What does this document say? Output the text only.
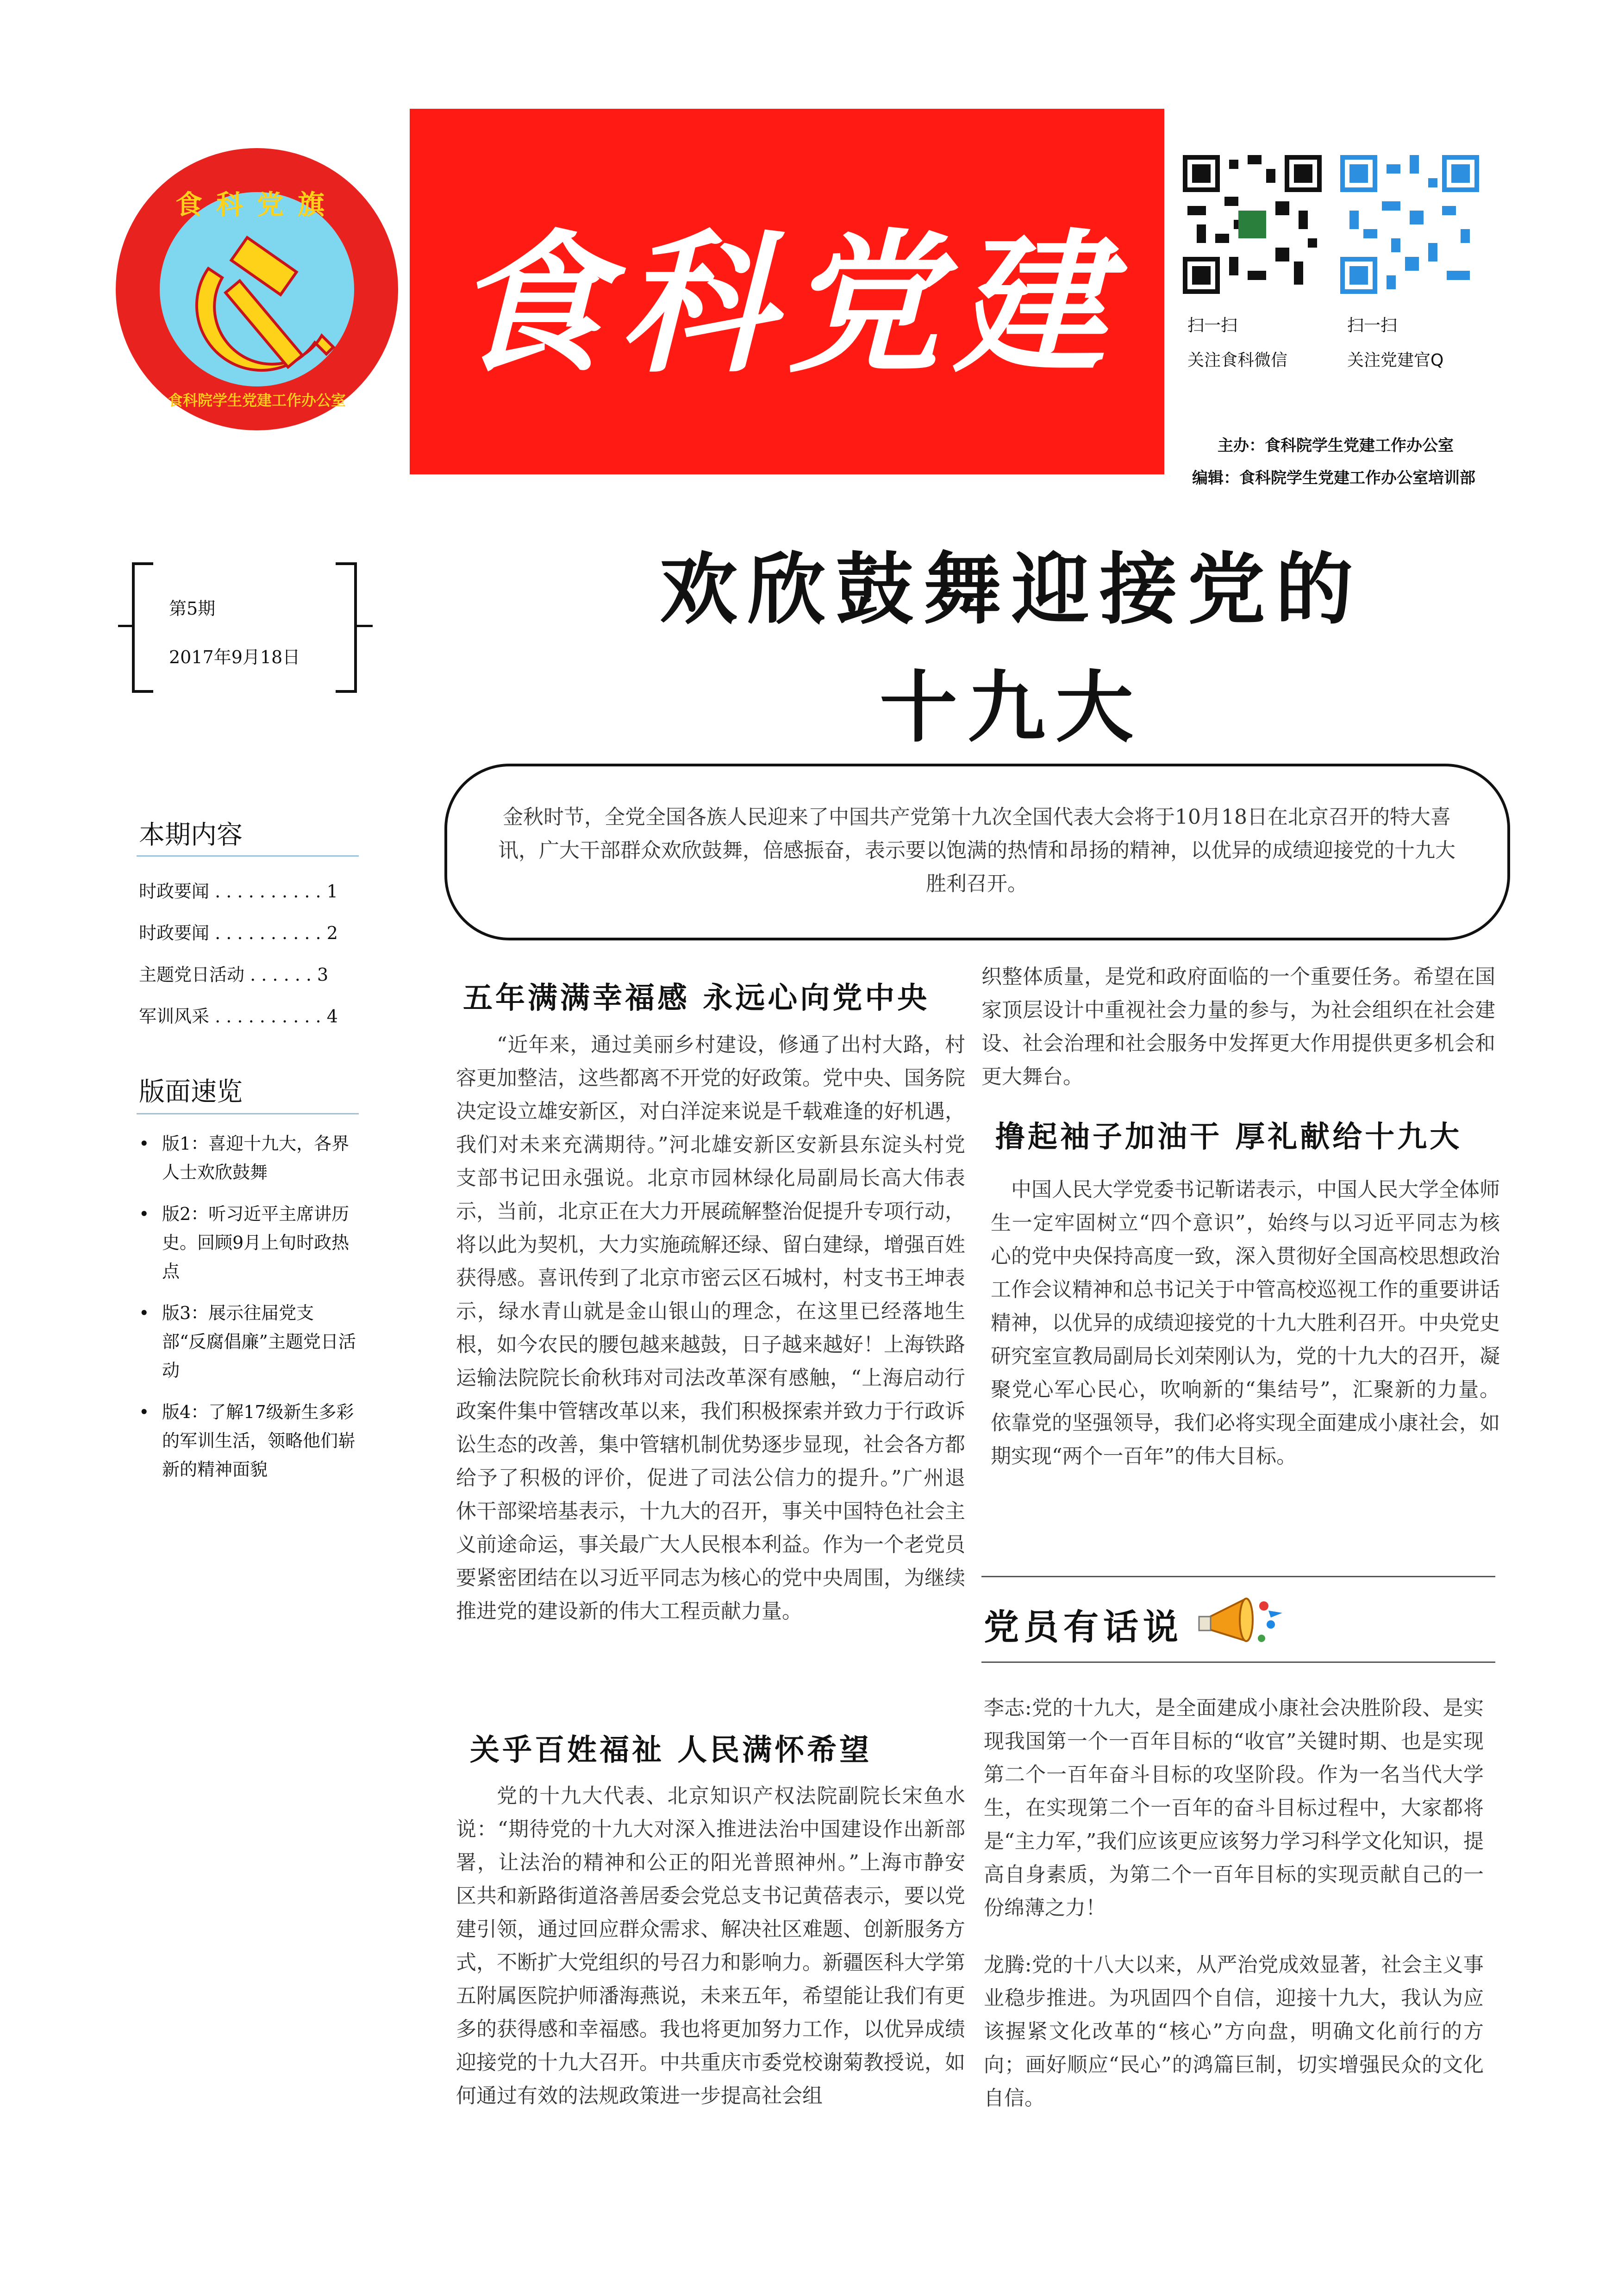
食科党旗
食科院学生党建工作办公室
食科党建	扫一扫
关注食科微信
扫一扫
关注党建官Q
主办：食科院学生党建工作办公室
编辑：食科院学生党建工作办公室培训部
第5期
2017年9月18日
欢欣鼓舞迎接党的
十九大
金秋时节，全党全国各族人民迎来了中国共产党第十九次全国代表大会将于10月18日在北京召开的特大喜讯，广大干部群众欢欣鼓舞，倍感振奋，表示要以饱满的热情和昂扬的精神，以优异的成绩迎接党的十九大胜利召开。
本期内容
时政要闻 . . . . . . . . . . 1
时政要闻 . . . . . . . . . . 2
主题党日活动 . . . . . . 3
军训风采 . . . . . . . . . . 4
版面速览
• 版1：喜迎十九大，各界人士欢欣鼓舞
• 版2：听习近平主席讲历史。回顾9月上旬时政热点
• 版3：展示往届党支部“反腐倡廉”主题党日活动
• 版4：了解17级新生多彩的军训生活，领略他们崭新的精神面貌
五年满满幸福感 永远心向党中央
“近年来，通过美丽乡村建设，修通了出村大路，村容更加整洁，这些都离不开党的好政策。党中央、国务院决定设立雄安新区，对白洋淀来说是千载难逢的好机遇，我们对未来充满期待。”河北雄安新区安新县东淀头村党支部书记田永强说。北京市园林绿化局副局长高大伟表示，当前，北京正在大力开展疏解整治促提升专项行动，将以此为契机，大力实施疏解还绿、留白建绿，增强百姓获得感。喜讯传到了北京市密云区石城村，村支书王坤表示，绿水青山就是金山银山的理念，在这里已经落地生根，如今农民的腰包越来越鼓，日子越来越好！上海铁路运输法院院长俞秋玮对司法改革深有感触，“上海启动行政案件集中管辖改革以来，我们积极探索并致力于行政诉讼生态的改善，集中管辖机制优势逐步显现，社会各方都给予了积极的评价，促进了司法公信力的提升。”广州退休干部梁培基表示，十九大的召开，事关中国特色社会主义前途命运，事关最广大人民根本利益。作为一个老党员要紧密团结在以习近平同志为核心的党中央周围，为继续推进党的建设新的伟大工程贡献力量。
关乎百姓福祉 人民满怀希望
党的十九大代表、北京知识产权法院副院长宋鱼水说：“期待党的十九大对深入推进法治中国建设作出新部署，让法治的精神和公正的阳光普照神州。”上海市静安区共和新路街道洛善居委会党总支书记黄蓓表示，要以党建引领，通过回应群众需求、解决社区难题、创新服务方式，不断扩大党组织的号召力和影响力。新疆医科大学第五附属医院护师潘海燕说，未来五年，希望能让我们有更多的获得感和幸福感。我也将更加努力工作，以优异成绩迎接党的十九大召开。中共重庆市委党校谢菊教授说，如何通过有效的法规政策进一步提高社会组
织整体质量，是党和政府面临的一个重要任务。希望在国家顶层设计中重视社会力量的参与，为社会组织在社会建设、社会治理和社会服务中发挥更大作用提供更多机会和更大舞台。
撸起袖子加油干 厚礼献给十九大
中国人民大学党委书记靳诺表示，中国人民大学全体师生一定牢固树立“四个意识”，始终与以习近平同志为核心的党中央保持高度一致，深入贯彻好全国高校思想政治工作会议精神和总书记关于中管高校巡视工作的重要讲话精神，以优异的成绩迎接党的十九大胜利召开。中央党史研究室宣教局副局长刘荣刚认为，党的十九大的召开，凝聚党心军心民心，吹响新的“集结号”，汇聚新的力量。依靠党的坚强领导，我们必将实现全面建成小康社会，如期实现“两个一百年”的伟大目标。
党员有话说
李志:党的十九大，是全面建成小康社会决胜阶段、是实现我国第一个一百年目标的“收官”关键时期、也是实现第二个一百年奋斗目标的攻坚阶段。作为一名当代大学生，在实现第二个一百年的奋斗目标过程中，大家都将是“主力军，”我们应该更应该努力学习科学文化知识，提高自身素质，为第二个一百年目标的实现贡献自己的一份绵薄之力！
龙腾:党的十八大以来，从严治党成效显著，社会主义事业稳步推进。为巩固四个自信，迎接十九大，我认为应该握紧文化改革的“核心”方向盘，明确文化前行的方向；画好顺应“民心”的鸿篇巨制，切实增强民众的文化自信。
